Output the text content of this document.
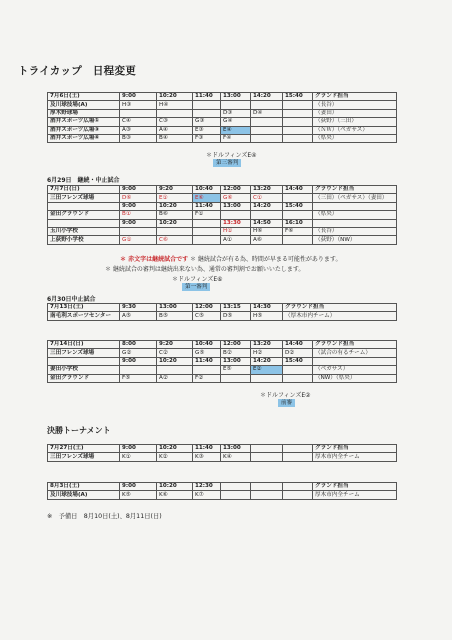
トライカップ　日程変更
7月6日(土)	9:00	10:20	11:40	13:00	14:20	15:40	グランド担当
及川球技場(A)	H③	H④					（長谷）
厚木野球場				D③	D④		（妻田）
酒井スポーツ広場①	C④	C③	G③	G④			（荻野）（三田）
酒井スポーツ広場③	A③	A④	E③	E④			（ＮＷ）（ペガサス）
酒井スポーツ広場④	B③	B④	F③	F④			（県央）
＊ドルフィンズE④
第三審判
6月29日　継続・中止試合
7月7日(日)	9:00	9:20	10:40	12:00	13:20	14:40	グラウンド担当
三田フレンズ球場	D⑥	E①	E⑥	G⑥	C①		（三田）（ペガサス）（妻田）
	9:00	10:20	11:40	13:00	14:20	15:40	
金田グラウンド	B①	B⑥	F①				（県央）
	9:00	10:20		13:30	14:50	16:10	
玉川小学校				H①	H⑥	F⑥	（長谷）
上荻野小学校	G①	C⑥		A①	A⑥		（荻野）（NW）
＊ 赤文字は継続試合です ＊ 継続試合が有る為、時間が早まる可能性があります。
＊ 継続試合の審判は継続出来ない為、通常の審判割でお願いいたします。
＊ドルフィンズE⑥
第一審判
6月30日中止試合
7月13日(土)	9:30	13:00	12:00	13:15	14:30	グラウンド担当
南毛利スポーツセンター	A⑤	B⑤	C⑤	D⑤	H⑤	（厚木市内チーム）
7月14日(日)	8:00	9:20	10:40	12:00	13:20	14:40	グラウンド担当
三田フレンズ球場	G②	C②	G⑤	B②	H②	D②	（試合の有るチーム）
	9:00	10:20	11:40	13:00	14:20	15:40	
妻田小学校				E⑤	E②		（ペガサス）
金田グラウンド	F⑤	A②	F②				（NW）（県央）
＊ドルフィンズE②
前審
決勝トーナメント
7月27日(土)	9:00	10:20	11:40	13:00			グランド担当
三田フレンズ球場	K①	K②	K③	K④			厚木市内全チーム
8月3日(土)	9:00	10:20	12:30				グランド担当
及川球技場(A)	K⑤	K⑥	K⑦				厚木市内全チーム
※　予備日　8月10日(土)、8月11日(日)
